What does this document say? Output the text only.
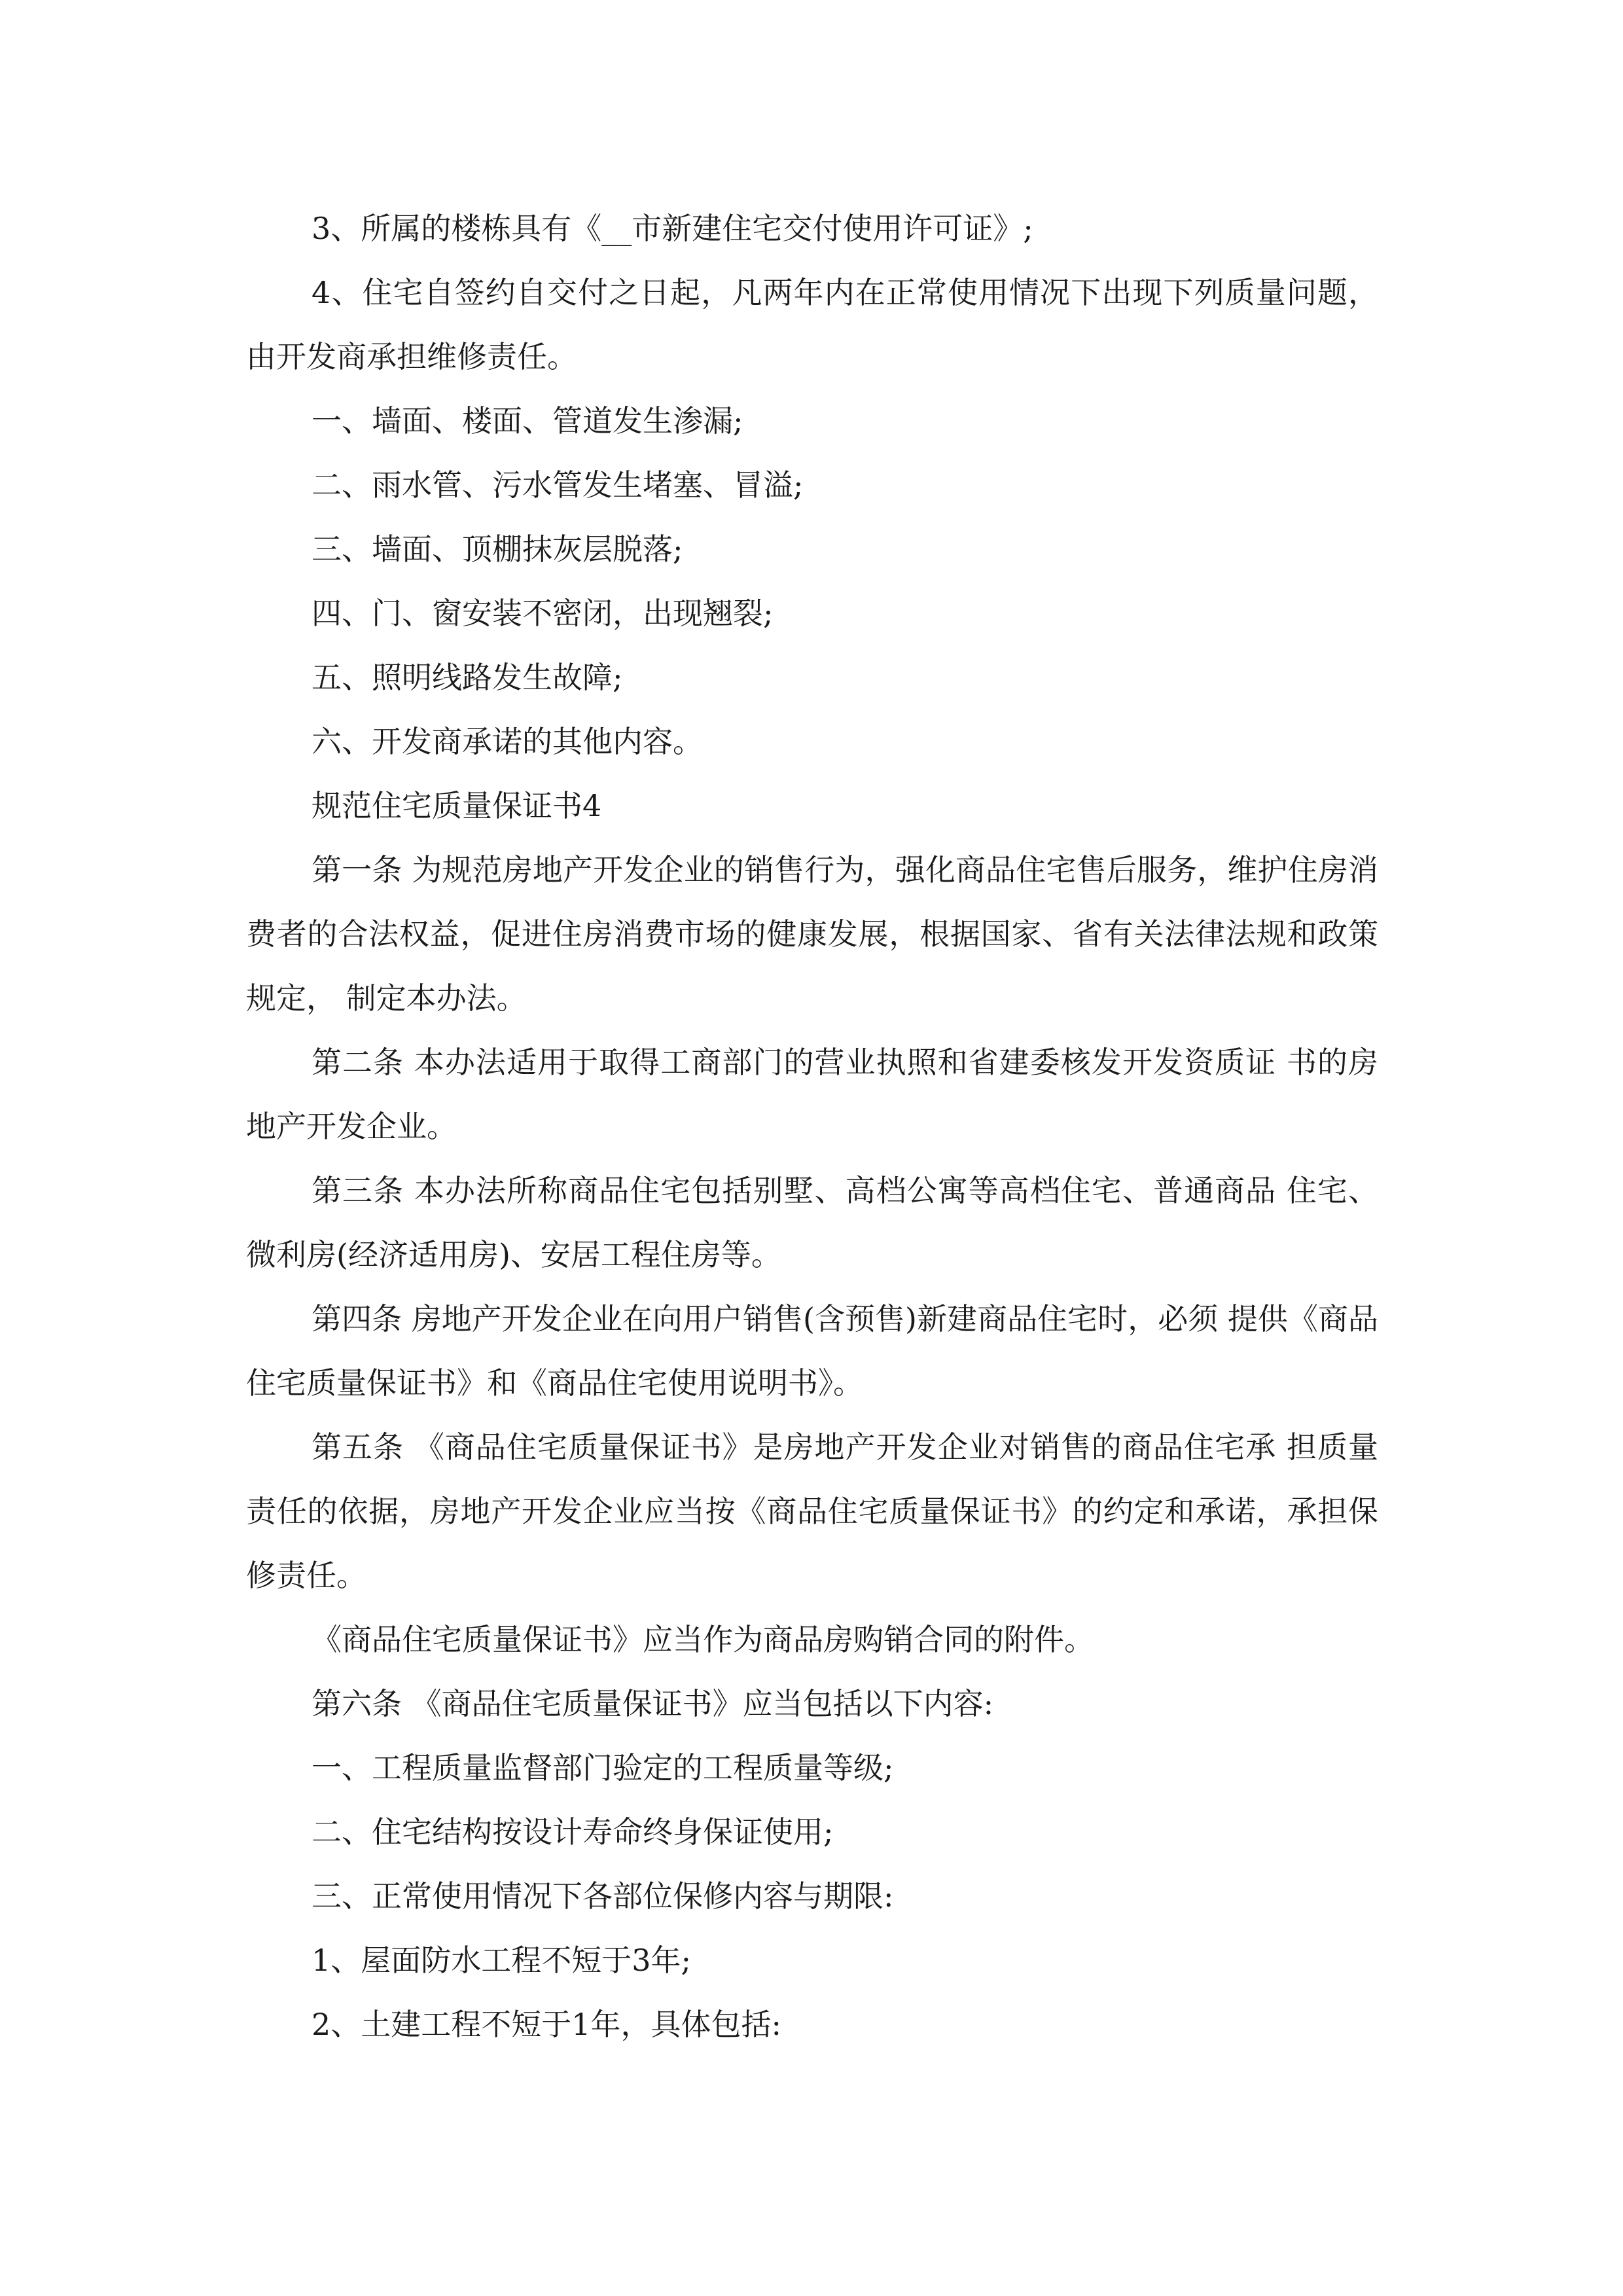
3、所属的楼栋具有《__市新建住宅交付使用许可证》;

4、住宅自签约自交付之日起，凡两年内在正常使用情况下出现下列质量问题，由开发商承担维修责任。

一、墙面、楼面、管道发生渗漏;

二、雨水管、污水管发生堵塞、冒溢;

三、墙面、顶棚抹灰层脱落;

四、门、窗安装不密闭，出现翘裂;

五、照明线路发生故障;

六、开发商承诺的其他内容。

规范住宅质量保证书4

第一条 为规范房地产开发企业的销售行为，强化商品住宅售后服务，维护住房消 费者的合法权益，促进住房消费市场的健康发展，根据国家、省有关法律法规和政策规定， 制定本办法。

第二条 本办法适用于取得工商部门的营业执照和省建委核发开发资质证 书的房地产开发企业。

第三条 本办法所称商品住宅包括别墅、高档公寓等高档住宅、普通商品 住宅、微利房(经济适用房)、安居工程住房等。

第四条 房地产开发企业在向用户销售(含预售)新建商品住宅时，必须 提供《商品住宅质量保证书》和《商品住宅使用说明书》。

第五条 《商品住宅质量保证书》是房地产开发企业对销售的商品住宅承 担质量责任的依据，房地产开发企业应当按《商品住宅质量保证书》的约定和承诺，承担保 修责任。

《商品住宅质量保证书》应当作为商品房购销合同的附件。

第六条 《商品住宅质量保证书》应当包括以下内容:

一、工程质量监督部门验定的工程质量等级;

二、住宅结构按设计寿命终身保证使用;

三、正常使用情况下各部位保修内容与期限:

1、屋面防水工程不短于3年;

2、土建工程不短于1年，具体包括:
